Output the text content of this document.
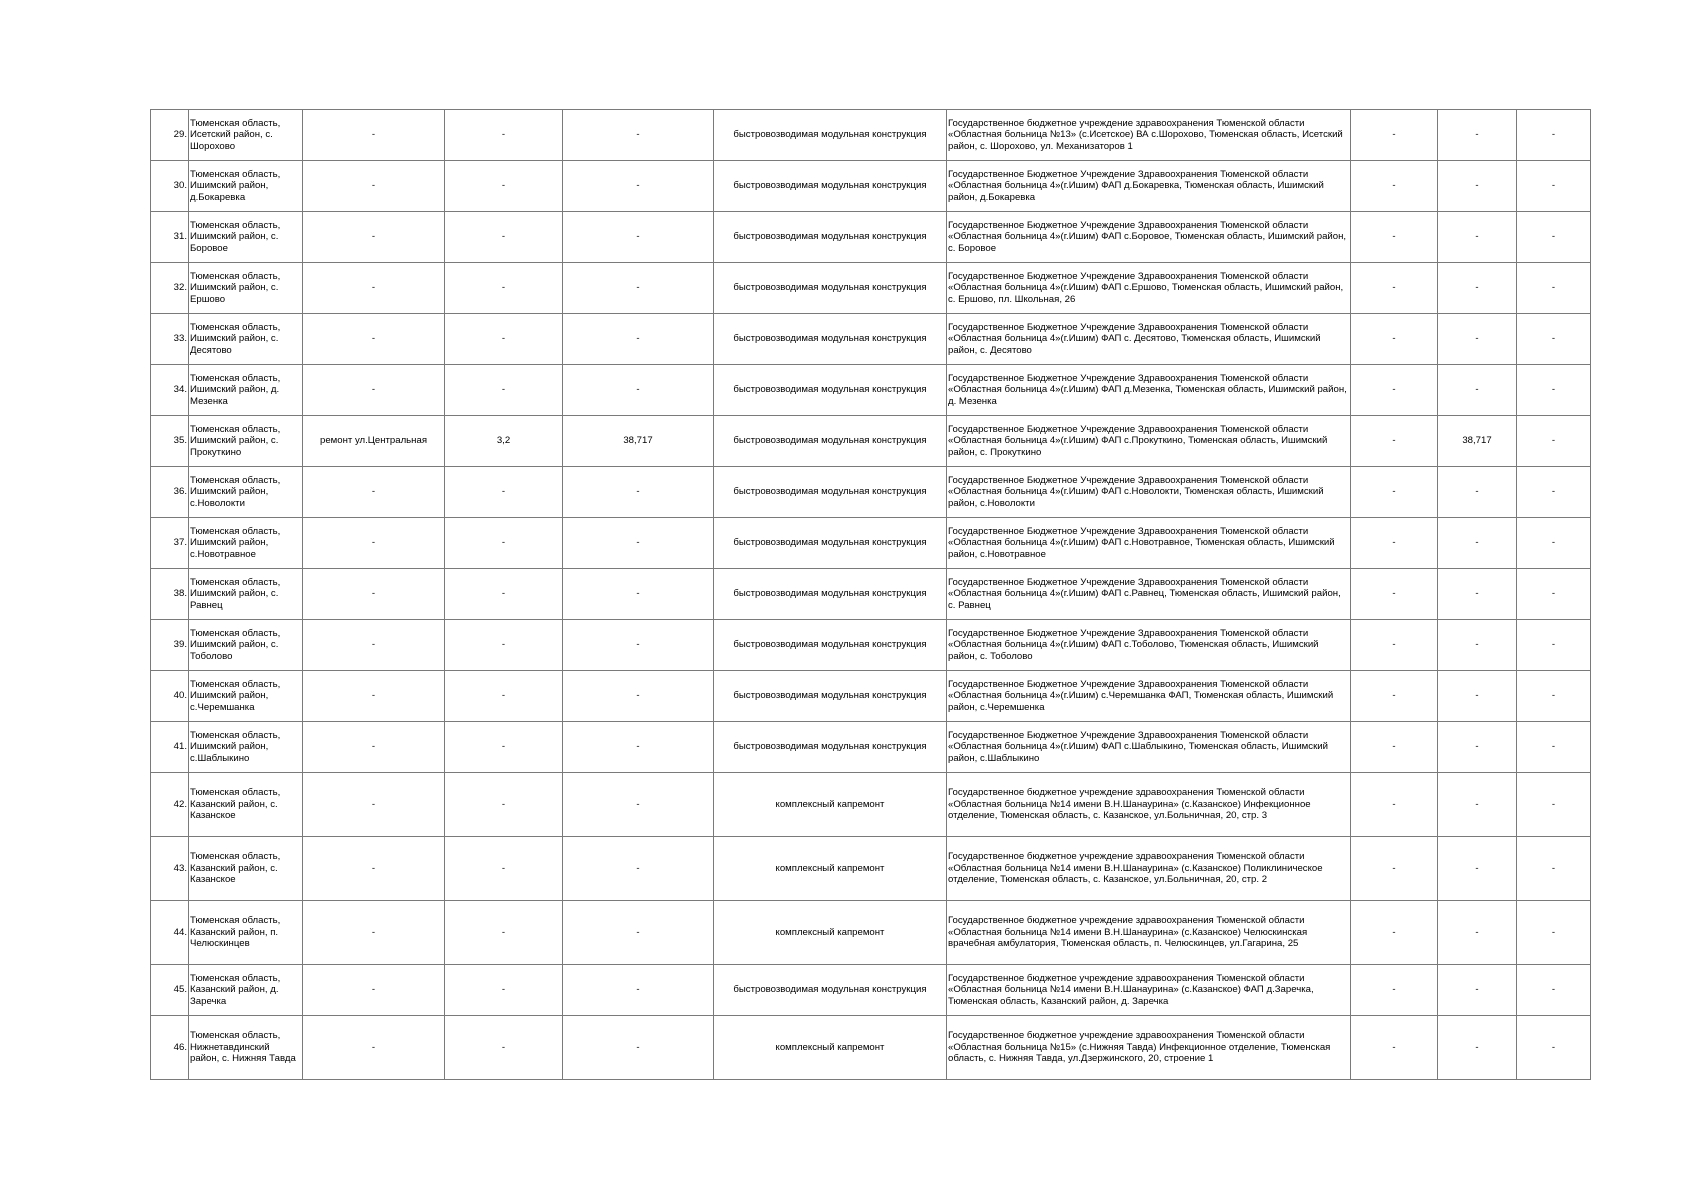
29.	Тюменская область, Исетский район, с. Шорохово	-	-	-	быстровозводимая модульная конструкция	Государственное бюджетное учреждение здравоохранения Тюменской области «Областная больница №13» (с.Исетское) ВА с.Шорохово, Тюменская область, Исетский район, с. Шорохово, ул. Механизаторов 1	-	-	-
30.	Тюменская область, Ишимский район, д.Бокаревка	-	-	-	быстровозводимая модульная конструкция	Государственное Бюджетное Учреждение Здравоохранения Тюменской области «Областная больница 4»(г.Ишим) ФАП д.Бокаревка, Тюменская область, Ишимский район, д.Бокаревка	-	-	-
31.	Тюменская область, Ишимский район, с. Боровое	-	-	-	быстровозводимая модульная конструкция	Государственное Бюджетное Учреждение Здравоохранения Тюменской области «Областная больница 4»(г.Ишим) ФАП с.Боровое, Тюменская область, Ишимский район, с. Боровое	-	-	-
32.	Тюменская область, Ишимский район, с. Ершово	-	-	-	быстровозводимая модульная конструкция	Государственное Бюджетное Учреждение Здравоохранения Тюменской области «Областная больница 4»(г.Ишим) ФАП с.Ершово, Тюменская область, Ишимский район, с. Ершово, пл. Школьная, 26	-	-	-
33.	Тюменская область, Ишимский район, с. Десятово	-	-	-	быстровозводимая модульная конструкция	Государственное Бюджетное Учреждение Здравоохранения Тюменской области «Областная больница 4»(г.Ишим) ФАП с. Десятово, Тюменская область, Ишимский район, с. Десятово	-	-	-
34.	Тюменская область, Ишимский район, д. Мезенка	-	-	-	быстровозводимая модульная конструкция	Государственное Бюджетное Учреждение Здравоохранения Тюменской области «Областная больница 4»(г.Ишим) ФАП д.Мезенка, Тюменская область, Ишимский район, д. Мезенка	-	-	-
35.	Тюменская область, Ишимский район, с. Прокуткино	ремонт ул.Центральная	3,2	38,717	быстровозводимая модульная конструкция	Государственное Бюджетное Учреждение Здравоохранения Тюменской области «Областная больница 4»(г.Ишим) ФАП с.Прокуткино, Тюменская область, Ишимский район, с. Прокуткино	-	38,717	-
36.	Тюменская область, Ишимский район, с.Новолокти	-	-	-	быстровозводимая модульная конструкция	Государственное Бюджетное Учреждение Здравоохранения Тюменской области «Областная больница 4»(г.Ишим) ФАП с.Новолокти, Тюменская область, Ишимский район, с.Новолокти	-	-	-
37.	Тюменская область, Ишимский район, с.Новотравное	-	-	-	быстровозводимая модульная конструкция	Государственное Бюджетное Учреждение Здравоохранения Тюменской области «Областная больница 4»(г.Ишим) ФАП с.Новотравное, Тюменская область, Ишимский район, с.Новотравное	-	-	-
38.	Тюменская область, Ишимский район, с. Равнец	-	-	-	быстровозводимая модульная конструкция	Государственное Бюджетное Учреждение Здравоохранения Тюменской области «Областная больница 4»(г.Ишим) ФАП с.Равнец, Тюменская область, Ишимский район, с. Равнец	-	-	-
39.	Тюменская область, Ишимский район, с. Тоболово	-	-	-	быстровозводимая модульная конструкция	Государственное Бюджетное Учреждение Здравоохранения Тюменской области «Областная больница 4»(г.Ишим) ФАП с.Тоболово, Тюменская область, Ишимский район, с. Тоболово	-	-	-
40.	Тюменская область, Ишимский район, с.Черемшанка	-	-	-	быстровозводимая модульная конструкция	Государственное Бюджетное Учреждение Здравоохранения Тюменской области «Областная больница 4»(г.Ишим) с.Черемшанка ФАП, Тюменская область, Ишимский район, с.Черемшенка	-	-	-
41.	Тюменская область, Ишимский район, с.Шаблыкино	-	-	-	быстровозводимая модульная конструкция	Государственное Бюджетное Учреждение Здравоохранения Тюменской области «Областная больница 4»(г.Ишим) ФАП с.Шаблыкино, Тюменская область, Ишимский район, с.Шаблыкино	-	-	-
42.	Тюменская область, Казанский район, с. Казанское	-	-	-	комплексный капремонт	Государственное бюджетное учреждение здравоохранения Тюменской области «Областная больница №14 имени В.Н.Шанаурина» (с.Казанское) Инфекционное отделение, Тюменская область, с. Казанское, ул.Больничная, 20, стр. 3	-	-	-
43.	Тюменская область, Казанский район, с. Казанское	-	-	-	комплексный капремонт	Государственное бюджетное учреждение здравоохранения Тюменской области «Областная больница №14 имени В.Н.Шанаурина» (с.Казанское) Поликлиническое отделение, Тюменская область, с. Казанское, ул.Больничная, 20, стр. 2	-	-	-
44.	Тюменская область, Казанский район, п. Челюскинцев	-	-	-	комплексный капремонт	Государственное бюджетное учреждение здравоохранения Тюменской области «Областная больница №14 имени В.Н.Шанаурина» (с.Казанское) Челюскинская врачебная амбулатория, Тюменская область, п. Челюскинцев, ул.Гагарина, 25	-	-	-
45.	Тюменская область, Казанский район, д. Заречка	-	-	-	быстровозводимая модульная конструкция	Государственное бюджетное учреждение здравоохранения Тюменской области «Областная больница №14 имени В.Н.Шанаурина» (с.Казанское) ФАП д.Заречка, Тюменская область, Казанский район, д. Заречка	-	-	-
46.	Тюменская область, Нижнетавдинский район, с. Нижняя Тавда	-	-	-	комплексный капремонт	Государственное бюджетное учреждение здравоохранения Тюменской области «Областная больница №15» (с.Нижняя Тавда) Инфекционное отделение, Тюменская область, с. Нижняя Тавда, ул.Дзержинского, 20, строение 1	-	-	-
